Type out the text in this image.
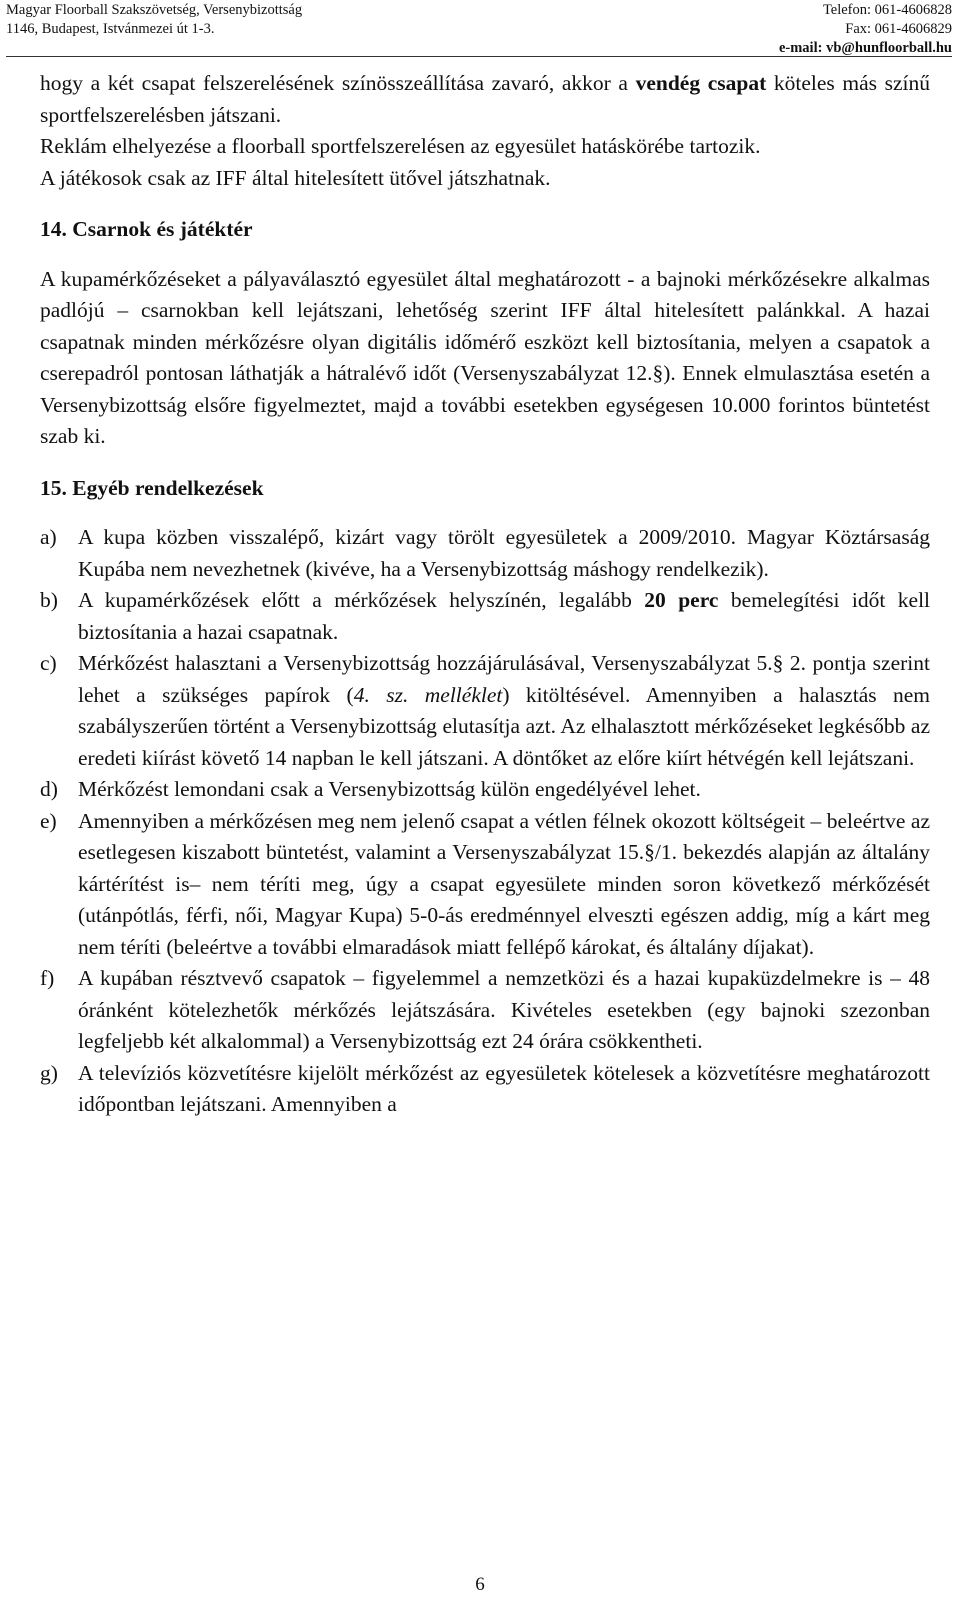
Magyar Floorball Szakszövetség, Versenybizottság
1146, Budapest, Istvánmezei út 1-3.
Telefon: 061-4606828
Fax: 061-4606829
e-mail: vb@hunfloorball.hu

hogy a két csapat felszerelésének színösszeállítása zavaró, akkor a vendég csapat köteles más színű sportfelszerelésben játszani.

Reklám elhelyezése a floorball sportfelszerelésen az egyesület hatáskörébe tartozik.

A játékosok csak az IFF által hitelesített ütővel játszhatnak.

14. Csarnok és játéktér

A kupamérkőzéseket a pályaválasztó egyesület által meghatározott - a bajnoki mérkőzésekre alkalmas padlójú – csarnokban kell lejátszani, lehetőség szerint IFF által hitelesített palánkkal. A hazai csapatnak minden mérkőzésre olyan digitális időmérő eszközt kell biztosítania, melyen a csapatok a cserepadról pontosan láthatják a hátralévő időt (Versenyszabályzat 12.§). Ennek elmulasztása esetén a Versenybizottság elsőre figyelmeztet, majd a további esetekben egységesen 10.000 forintos büntetést szab ki.

15. Egyéb rendelkezések

a) A kupa közben visszalépő, kizárt vagy törölt egyesületek a 2009/2010. Magyar Köztársaság Kupába nem nevezhetnek (kivéve, ha a Versenybizottság máshogy rendelkezik).
b) A kupamérkőzések előtt a mérkőzések helyszínén, legalább 20 perc bemelegítési időt kell biztosítania a hazai csapatnak.
c) Mérkőzést halasztani a Versenybizottság hozzájárulásával, Versenyszabályzat 5.§ 2. pontja szerint lehet a szükséges papírok (4. sz. melléklet) kitöltésével. Amennyiben a halasztás nem szabályszerűen történt a Versenybizottság elutasítja azt. Az elhalasztott mérkőzéseket legkésőbb az eredeti kiírást követő 14 napban le kell játszani. A döntőket az előre kiírt hétvégén kell lejátszani.
d) Mérkőzést lemondani csak a Versenybizottság külön engedélyével lehet.
e) Amennyiben a mérkőzésen meg nem jelenő csapat a vétlen félnek okozott költségeit – beleértve az esetlegesen kiszabott büntetést, valamint a Versenyszabályzat 15.§/1. bekezdés alapján az általány kártérítést is– nem téríti meg, úgy a csapat egyesülete minden soron következő mérkőzését (utánpótlás, férfi, női, Magyar Kupa) 5-0-ás eredménnyel elveszti egészen addig, míg a kárt meg nem téríti (beleértve a további elmaradások miatt fellépő károkat, és általány díjakat).
f) A kupában résztvevő csapatok – figyelemmel a nemzetközi és a hazai kupaküzdelmekre is – 48 óránként kötelezhetők mérkőzés lejátszására. Kivételes esetekben (egy bajnoki szezonban legfeljebb két alkalommal) a Versenybizottság ezt 24 órára csökkentheti.
g) A televíziós közvetítésre kijelölt mérkőzést az egyesületek kötelesek a közvetítésre meghatározott időpontban lejátszani. Amennyiben a
6
